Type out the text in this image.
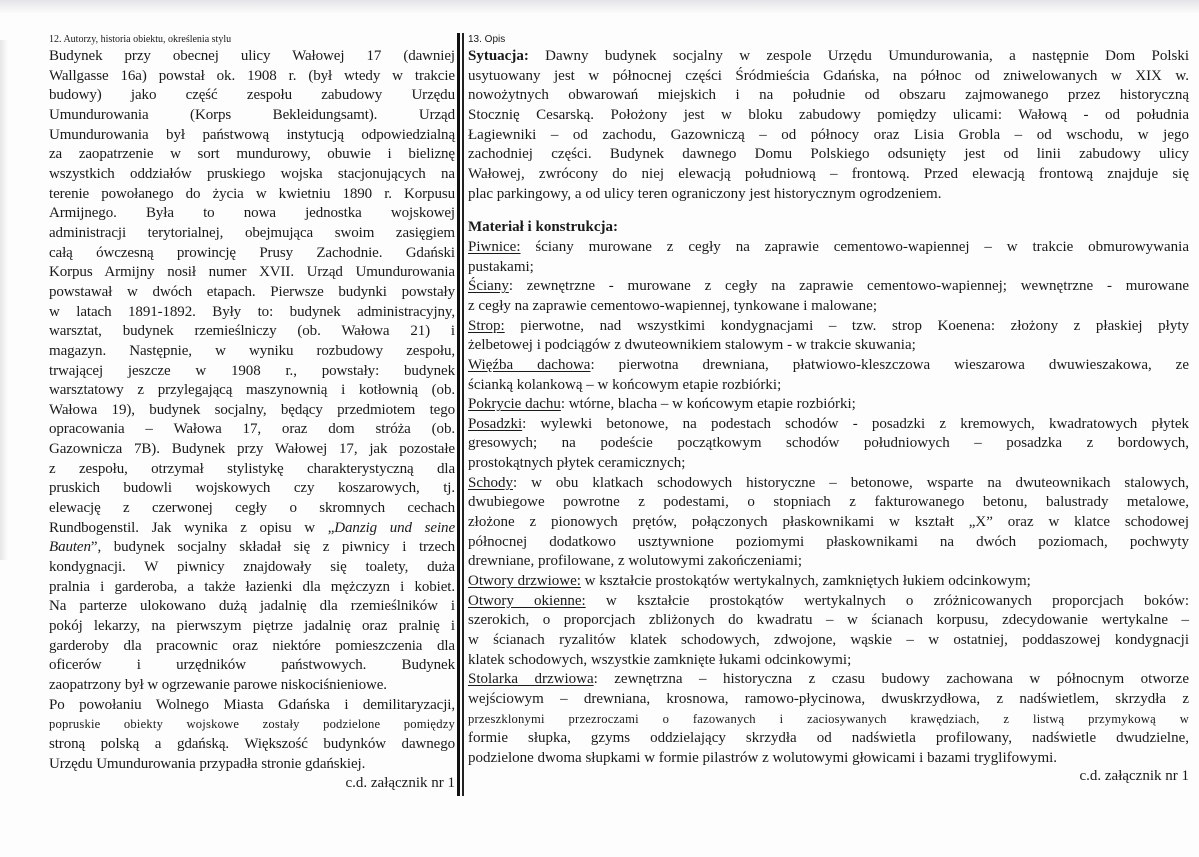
12. Autorzy, historia obiektu, określenia stylu
Budynek przy obecnej ulicy Wałowej 17 (dawniej
Wallgasse 16a) powstał ok. 1908 r. (był wtedy w trakcie
budowy) jako część zespołu zabudowy Urzędu
Umundurowania (Korps Bekleidungsamt). Urząd
Umundurowania był państwową instytucją odpowiedzialną
za zaopatrzenie w sort mundurowy, obuwie i bieliznę
wszystkich oddziałów pruskiego wojska stacjonujących na
terenie powołanego do życia w kwietniu 1890 r. Korpusu
Armijnego. Była to nowa jednostka wojskowej
administracji terytorialnej, obejmująca swoim zasięgiem
całą ówczesną prowincję Prusy Zachodnie. Gdański
Korpus Armijny nosił numer XVII. Urząd Umundurowania
powstawał w dwóch etapach. Pierwsze budynki powstały
w latach 1891-1892. Były to: budynek administracyjny,
warsztat, budynek rzemieślniczy (ob. Wałowa 21) i
magazyn. Następnie, w wyniku rozbudowy zespołu,
trwającej jeszcze w 1908 r., powstały: budynek
warsztatowy z przylegającą maszynownią i kotłownią (ob.
Wałowa 19), budynek socjalny, będący przedmiotem tego
opracowania – Wałowa 17, oraz dom stróża (ob.
Gazownicza 7B). Budynek przy Wałowej 17, jak pozostałe
z zespołu, otrzymał stylistykę charakterystyczną dla
pruskich budowli wojskowych czy koszarowych, tj.
elewację z czerwonej cegły o skromnych cechach
Rundbogenstil. Jak wynika z opisu w „Danzig und seine
Bauten”, budynek socjalny składał się z piwnicy i trzech
kondygnacji. W piwnicy znajdowały się toalety, duża
pralnia i garderoba, a także łazienki dla mężczyzn i kobiet.
Na parterze ulokowano dużą jadalnię dla rzemieślników i
pokój lekarzy, na pierwszym piętrze jadalnię oraz pralnię i
garderoby dla pracownic oraz niektóre pomieszczenia dla
oficerów i urzędników państwowych. Budynek
zaopatrzony był w ogrzewanie parowe niskociśnieniowe.
Po powołaniu Wolnego Miasta Gdańska i demilitaryzacji,
popruskie obiekty wojskowe zostały podzielone pomiędzy
stroną polską a gdańską. Większość budynków dawnego
Urzędu Umundurowania przypadła stronie gdańskiej.
c.d. załącznik nr 1
13. Opis
Sytuacja: Dawny budynek socjalny w zespole Urzędu Umundurowania, a następnie Dom Polski
usytuowany jest w północnej części Śródmieścia Gdańska, na północ od zniwelowanych w XIX w.
nowożytnych obwarowań miejskich i na południe od obszaru zajmowanego przez historyczną
Stocznię Cesarską. Położony jest w bloku zabudowy pomiędzy ulicami: Wałową - od południa
Łagiewniki – od zachodu, Gazowniczą – od północy oraz Lisia Grobla – od wschodu, w jego
zachodniej części. Budynek dawnego Domu Polskiego odsunięty jest od linii zabudowy ulicy
Wałowej, zwrócony do niej elewacją południową – frontową. Przed elewacją frontową znajduje się
plac parkingowy, a od ulicy teren ograniczony jest historycznym ogrodzeniem.
Materiał i konstrukcja:
Piwnice: ściany murowane z cegły na zaprawie cementowo-wapiennej – w trakcie obmurowywania
pustakami;
Ściany: zewnętrzne - murowane z cegły na zaprawie cementowo-wapiennej; wewnętrzne - murowane
z cegły na zaprawie cementowo-wapiennej, tynkowane i malowane;
Strop: pierwotne, nad wszystkimi kondygnacjami – tzw. strop Koenena: złożony z płaskiej płyty
żelbetowej i podciągów z dwuteownikiem stalowym - w trakcie skuwania;
Więźba dachowa: pierwotna drewniana, płatwiowo-kleszczowa wieszarowa dwuwieszakowa, ze
ścianką kolankową – w końcowym etapie rozbiórki;
Pokrycie dachu: wtórne, blacha – w końcowym etapie rozbiórki;
Posadzki: wylewki betonowe, na podestach schodów - posadzki z kremowych, kwadratowych płytek
gresowych; na podeście początkowym schodów południowych – posadzka z bordowych,
prostokątnych płytek ceramicznych;
Schody: w obu klatkach schodowych historyczne – betonowe, wsparte na dwuteownikach stalowych,
dwubiegowe powrotne z podestami, o stopniach z fakturowanego betonu, balustrady metalowe,
złożone z pionowych prętów, połączonych płaskownikami w kształt „X” oraz w klatce schodowej
północnej dodatkowo usztywnione poziomymi płaskownikami na dwóch poziomach, pochwyty
drewniane, profilowane, z wolutowymi zakończeniami;
Otwory drzwiowe: w kształcie prostokątów wertykalnych, zamkniętych łukiem odcinkowym;
Otwory okienne: w kształcie prostokątów wertykalnych o zróżnicowanych proporcjach boków:
szerokich, o proporcjach zbliżonych do kwadratu – w ścianach korpusu, zdecydowanie wertykalne –
w ścianach ryzalitów klatek schodowych, zdwojone, wąskie – w ostatniej, poddaszowej kondygnacji
klatek schodowych, wszystkie zamknięte łukami odcinkowymi;
Stolarka drzwiowa: zewnętrzna – historyczna z czasu budowy zachowana w północnym otworze
wejściowym – drewniana, krosnowa, ramowo-płycinowa, dwuskrzydłowa, z nadświetlem, skrzydła z
przeszklonymi przezroczami o fazowanych i zaciosywanych krawędziach, z listwą przymykową w
formie słupka, gzyms oddzielający skrzydła od nadświetla profilowany, nadświetle dwudzielne,
podzielone dwoma słupkami w formie pilastrów z wolutowymi głowicami i bazami tryglifowymi.
c.d. załącznik nr 1
